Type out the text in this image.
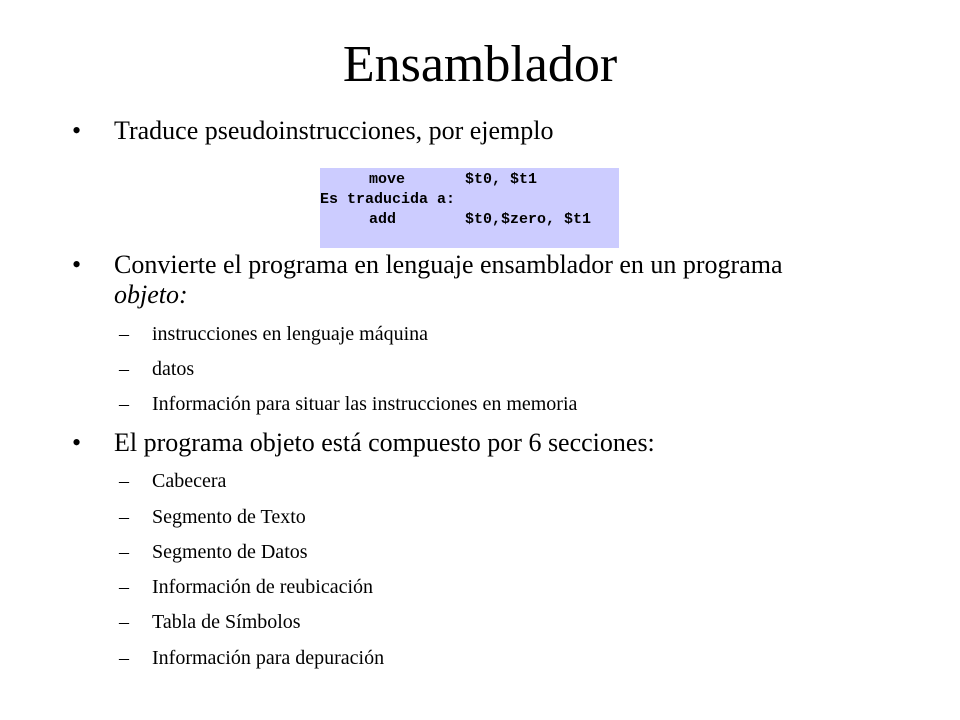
Ensamblador
• Traduce pseudoinstrucciones, por ejemplo
move	$t0, $t1
Es traducida a:
add	$t0,$zero, $t1
• Convierte el programa en lenguaje ensamblador en un programa objeto:
– instrucciones en lenguaje máquina
– datos
– Información para situar las instrucciones en memoria
• El programa objeto está compuesto por 6 secciones:
– Cabecera
– Segmento de Texto
– Segmento de Datos
– Información de reubicación
– Tabla de Símbolos
– Información para depuración
